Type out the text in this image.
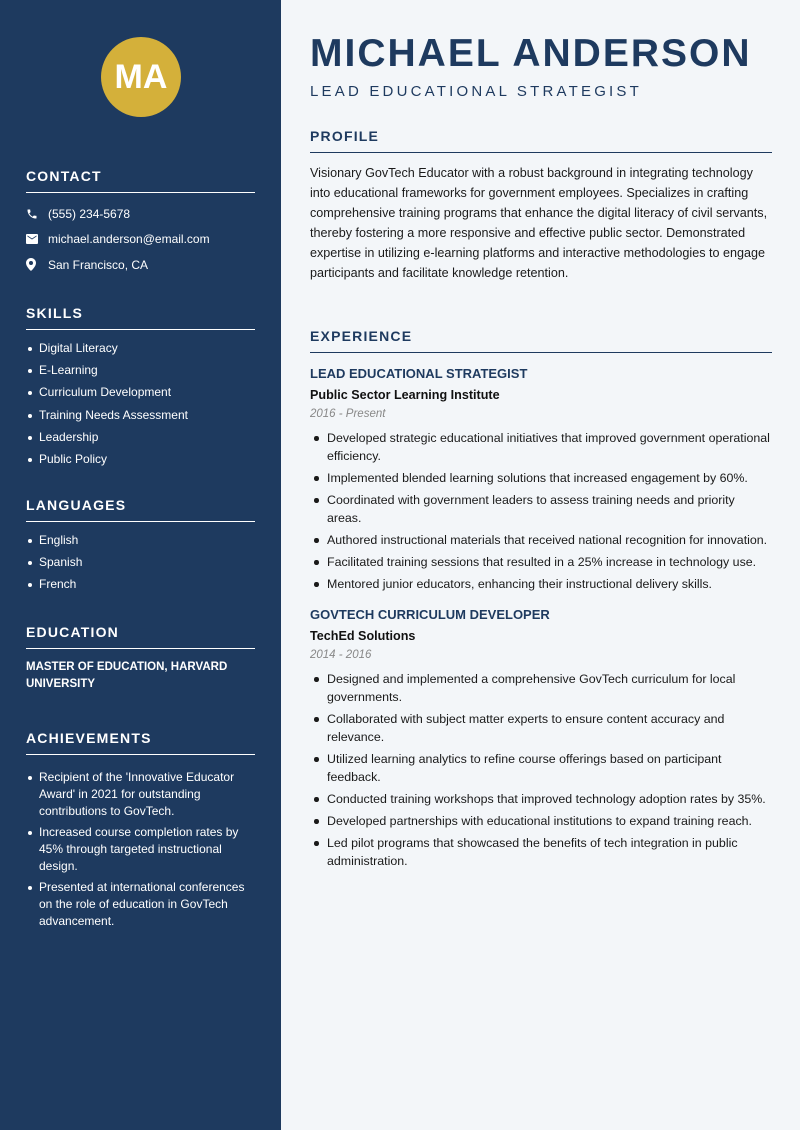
MA
CONTACT
(555) 234-5678
michael.anderson@email.com
San Francisco, CA
SKILLS
Digital Literacy
E-Learning
Curriculum Development
Training Needs Assessment
Leadership
Public Policy
LANGUAGES
English
Spanish
French
EDUCATION
MASTER OF EDUCATION, HARVARD UNIVERSITY
ACHIEVEMENTS
Recipient of the 'Innovative Educator Award' in 2021 for outstanding contributions to GovTech.
Increased course completion rates by 45% through targeted instructional design.
Presented at international conferences on the role of education in GovTech advancement.
MICHAEL ANDERSON
LEAD EDUCATIONAL STRATEGIST
PROFILE

Visionary GovTech Educator with a robust background in integrating technology into educational frameworks for government employees. Specializes in crafting comprehensive training programs that enhance the digital literacy of civil servants, thereby fostering a more responsive and effective public sector. Demonstrated expertise in utilizing e-learning platforms and interactive methodologies to engage participants and facilitate knowledge retention.

EXPERIENCE
LEAD EDUCATIONAL STRATEGIST
Public Sector Learning Institute
2016 - Present
Developed strategic educational initiatives that improved government operational efficiency.
Implemented blended learning solutions that increased engagement by 60%.
Coordinated with government leaders to assess training needs and priority areas.
Authored instructional materials that received national recognition for innovation.
Facilitated training sessions that resulted in a 25% increase in technology use.
Mentored junior educators, enhancing their instructional delivery skills.
GOVTECH CURRICULUM DEVELOPER
TechEd Solutions
2014 - 2016
Designed and implemented a comprehensive GovTech curriculum for local governments.
Collaborated with subject matter experts to ensure content accuracy and relevance.
Utilized learning analytics to refine course offerings based on participant feedback.
Conducted training workshops that improved technology adoption rates by 35%.
Developed partnerships with educational institutions to expand training reach.
Led pilot programs that showcased the benefits of tech integration in public administration.
